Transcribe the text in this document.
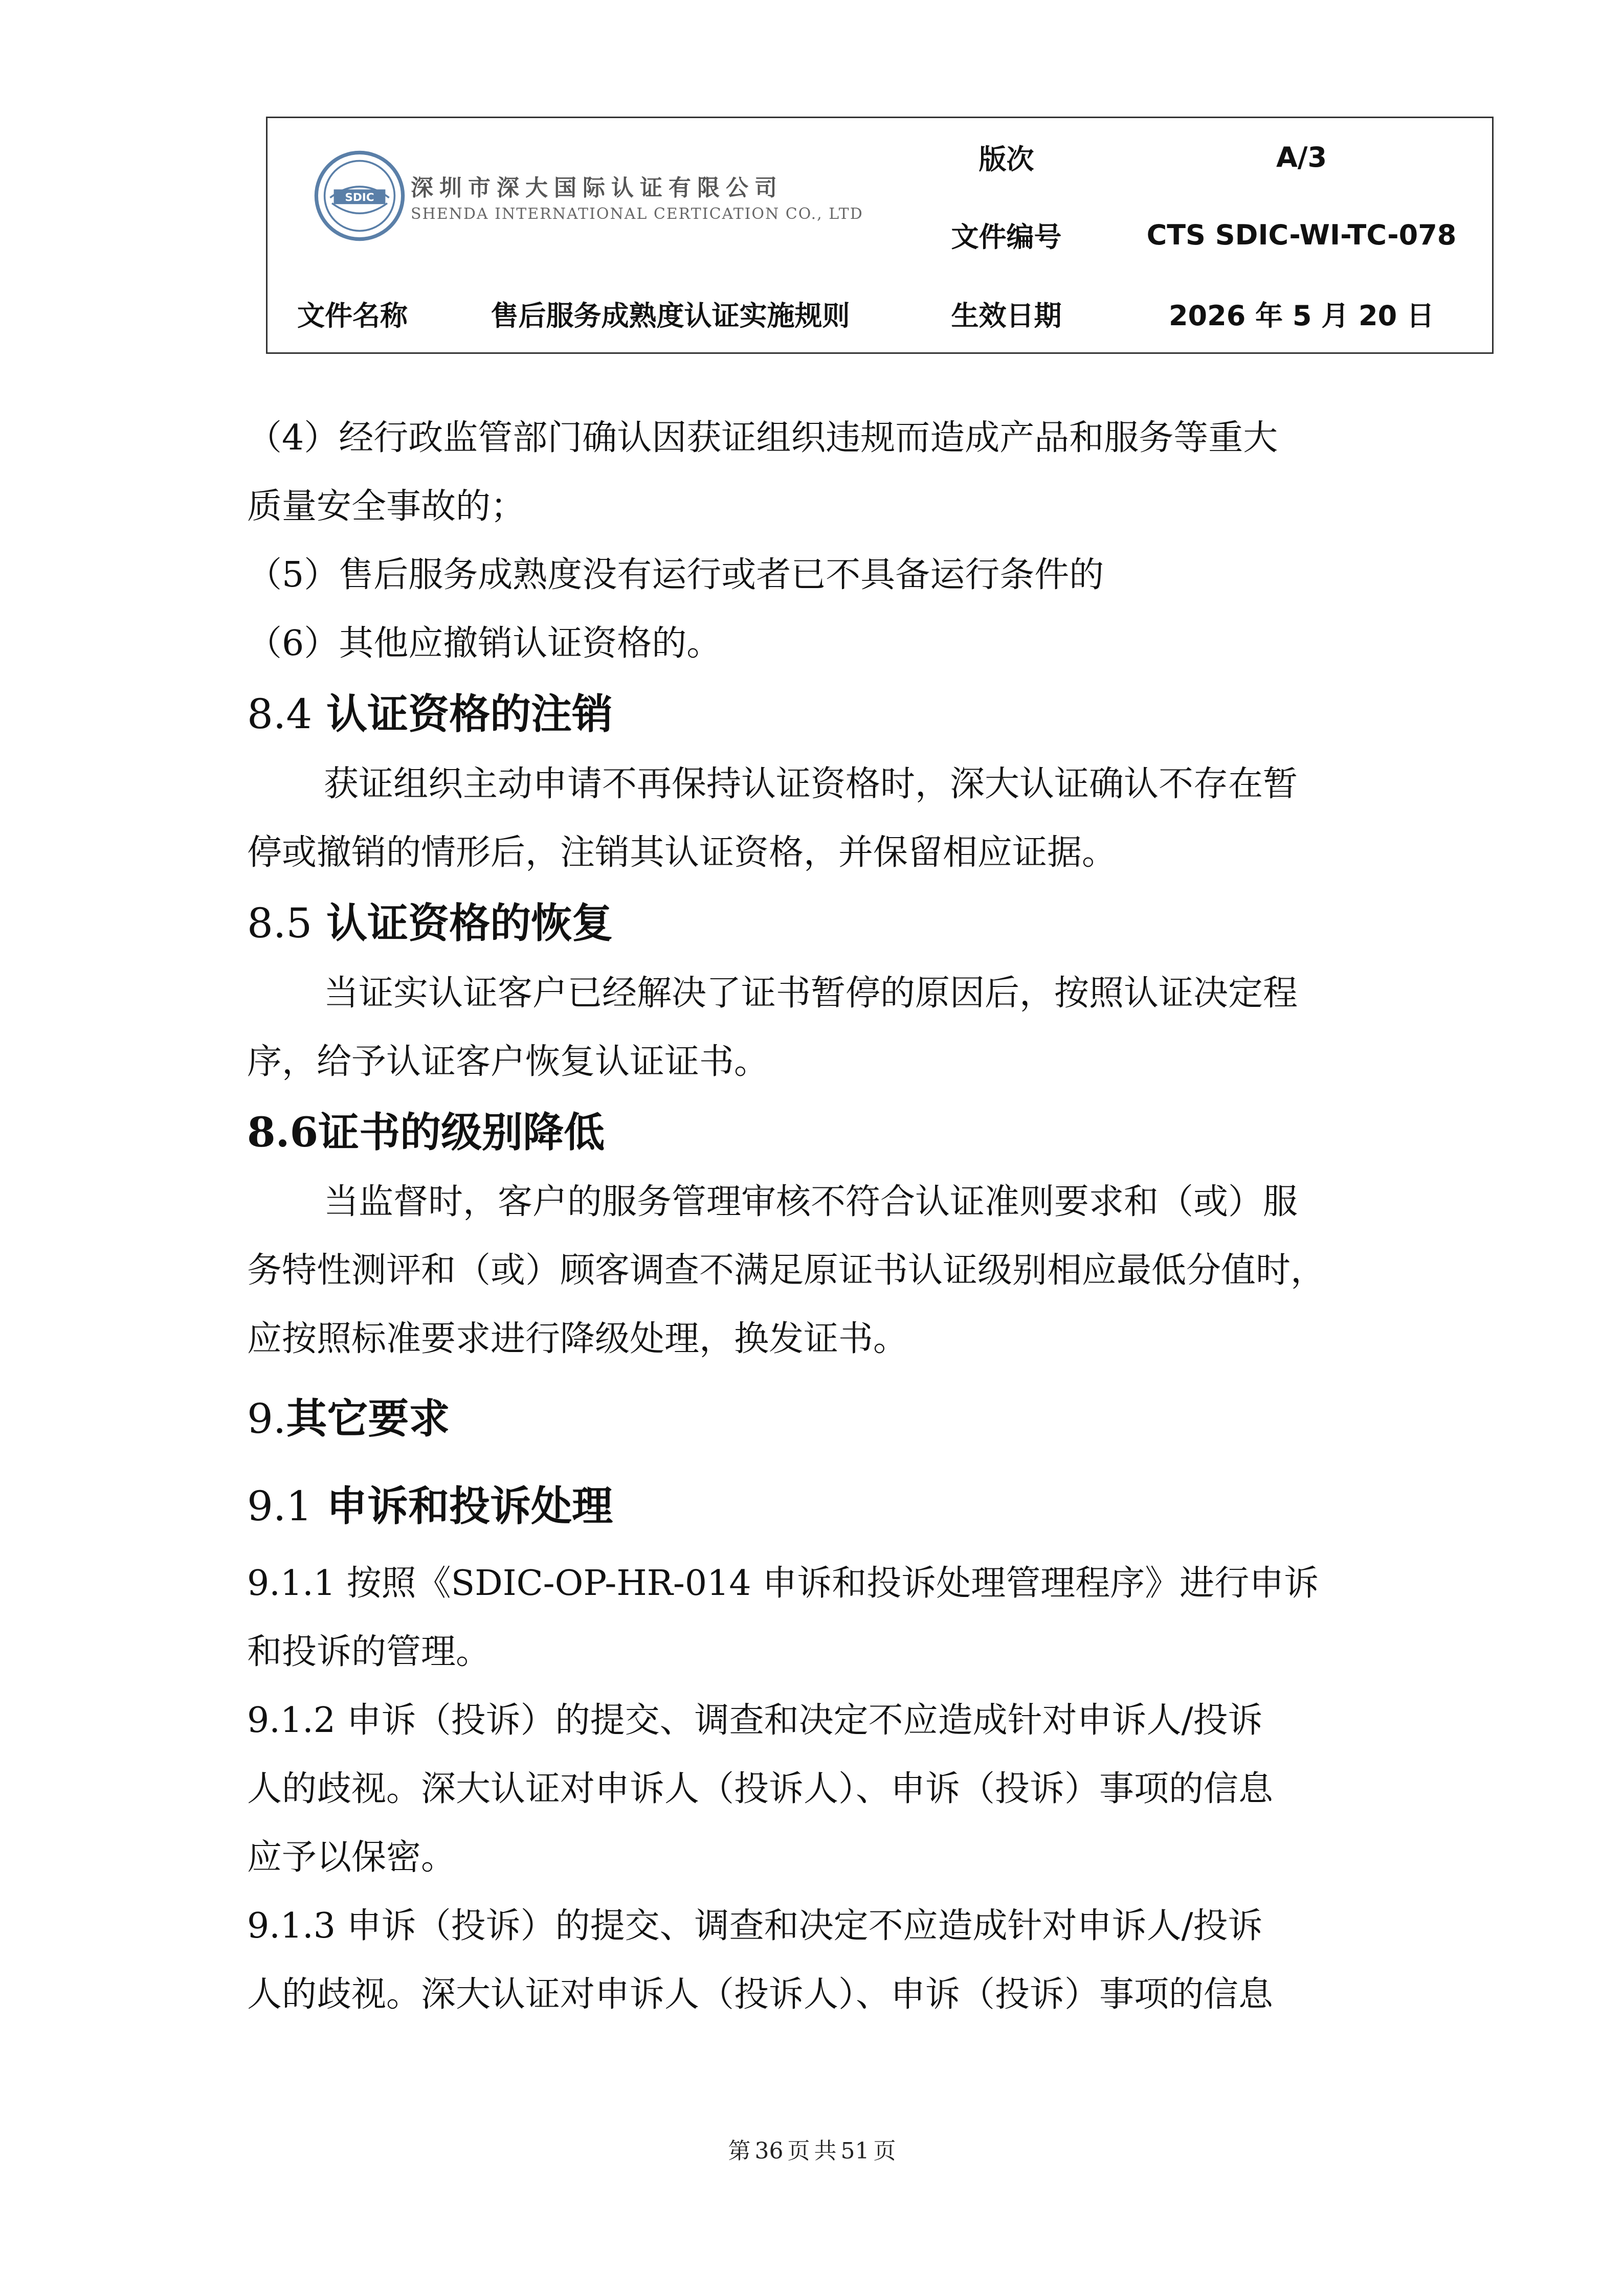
SDIC 深圳市深大国际认证有限公司
SHENDA INTERNATIONAL CERTICATION CO., LTD
版次	A/3
文件编号	CTS SDIC-WI-TC-078
文件名称	售后服务成熟度认证实施规则	生效日期	2026 年 5 月 20 日

（4）经行政监管部门确认因获证组织违规而造成产品和服务等重大

质量安全事故的；

（5）售后服务成熟度没有运行或者已不具备运行条件的

（6）其他应撤销认证资格的。

8.4 认证资格的注销

获证组织主动申请不再保持认证资格时，深大认证确认不存在暂

停或撤销的情形后，注销其认证资格，并保留相应证据。

8.5 认证资格的恢复

当证实认证客户已经解决了证书暂停的原因后，按照认证决定程

序，给予认证客户恢复认证证书。

8.6证书的级别降低

当监督时，客户的服务管理审核不符合认证准则要求和（或）服

务特性测评和（或）顾客调查不满足原证书认证级别相应最低分值时，

应按照标准要求进行降级处理，换发证书。

9.其它要求

9.1 申诉和投诉处理

9.1.1 按照《SDIC-OP-HR-014 申诉和投诉处理管理程序》进行申诉

和投诉的管理。

9.1.2 申诉（投诉）的提交、调查和决定不应造成针对申诉人/投诉

人的歧视。深大认证对申诉人（投诉人）、申诉（投诉）事项的信息

应予以保密。

9.1.3 申诉（投诉）的提交、调查和决定不应造成针对申诉人/投诉

人的歧视。深大认证对申诉人（投诉人）、申诉（投诉）事项的信息

第 36 页 共 51 页
